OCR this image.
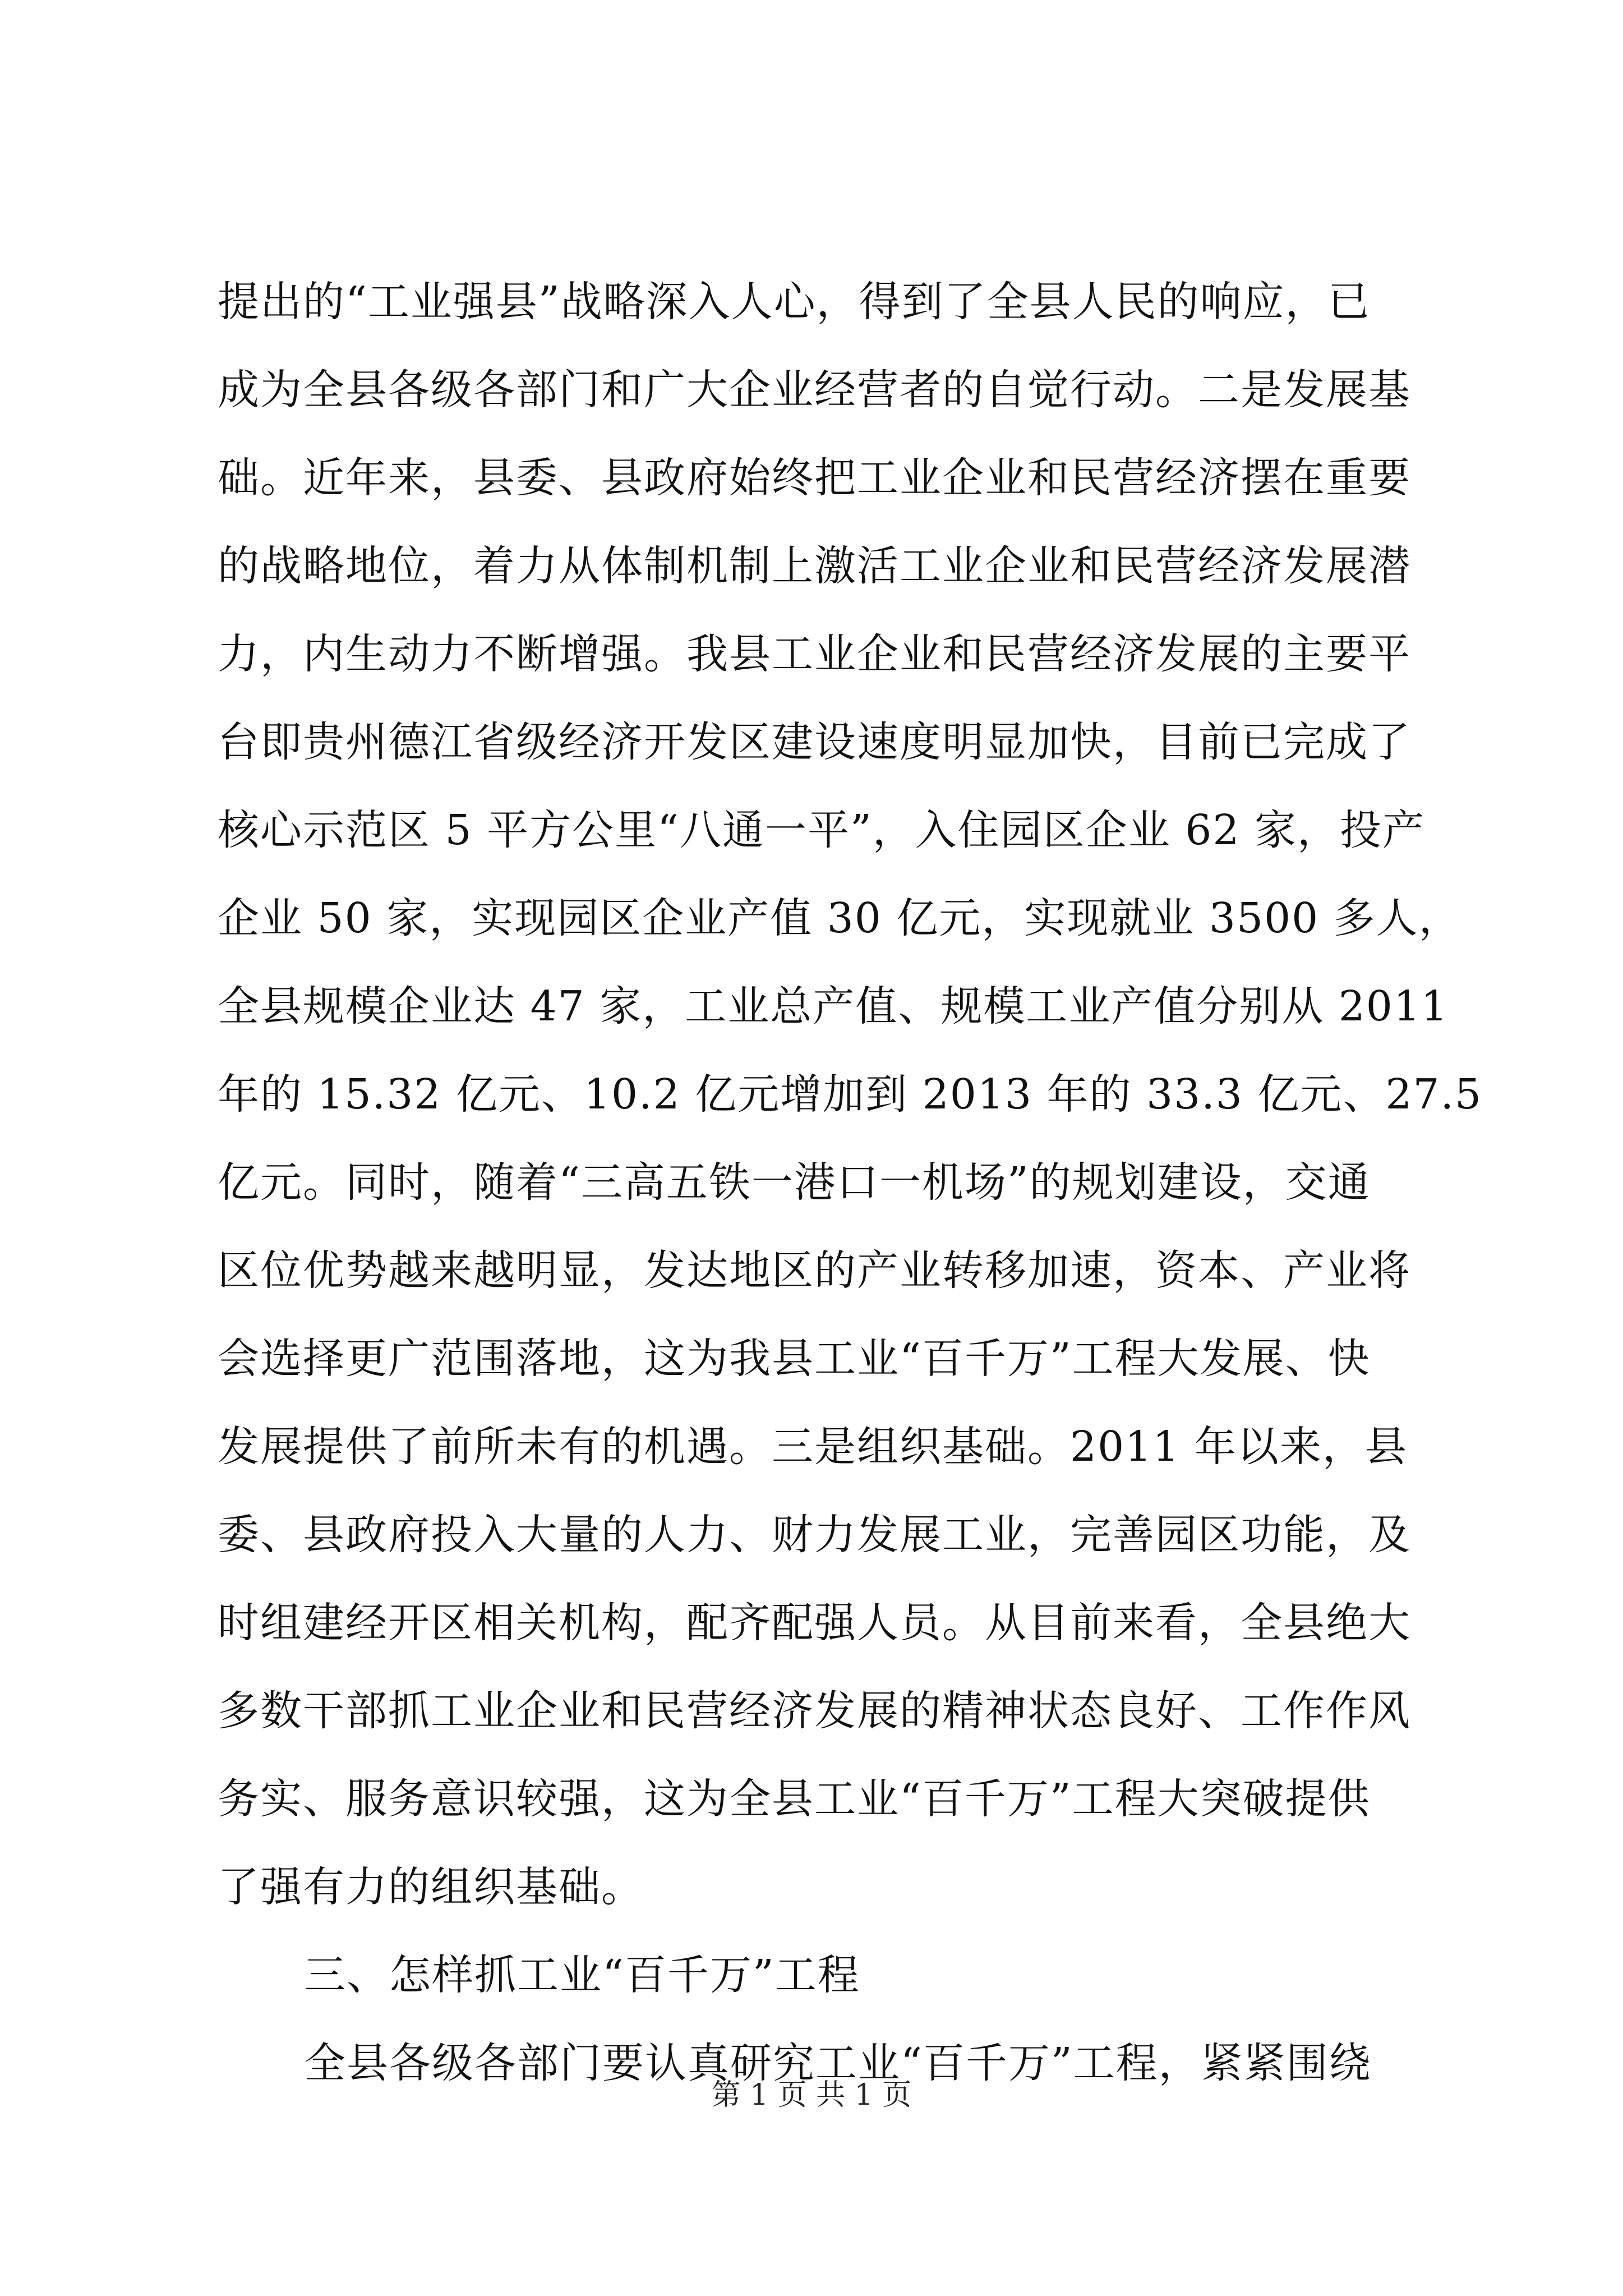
提出的“工业强县”战略深入人心，得到了全县人民的响应，已
成为全县各级各部门和广大企业经营者的自觉行动。二是发展基
础。近年来，县委、县政府始终把工业企业和民营经济摆在重要
的战略地位，着力从体制机制上激活工业企业和民营经济发展潜
力，内生动力不断增强。我县工业企业和民营经济发展的主要平
台即贵州德江省级经济开发区建设速度明显加快，目前已完成了
核心示范区 5 平方公里“八通一平”，入住园区企业 62 家，投产
企业 50 家，实现园区企业产值 30 亿元，实现就业 3500 多人，
全县规模企业达 47 家，工业总产值、规模工业产值分别从 2011
年的 15.32 亿元、10.2 亿元增加到 2013 年的 33.3 亿元、27.5
亿元。同时，随着“三高五铁一港口一机场”的规划建设，交通
区位优势越来越明显，发达地区的产业转移加速，资本、产业将
会选择更广范围落地，这为我县工业“百千万”工程大发展、快
发展提供了前所未有的机遇。三是组织基础。2011 年以来，县
委、县政府投入大量的人力、财力发展工业，完善园区功能，及
时组建经开区相关机构，配齐配强人员。从目前来看，全县绝大
多数干部抓工业企业和民营经济发展的精神状态良好、工作作风
务实、服务意识较强，这为全县工业“百千万”工程大突破提供
了强有力的组织基础。
三、怎样抓工业“百千万”工程
全县各级各部门要认真研究工业“百千万”工程，紧紧围绕
第 1 页 共 1 页
